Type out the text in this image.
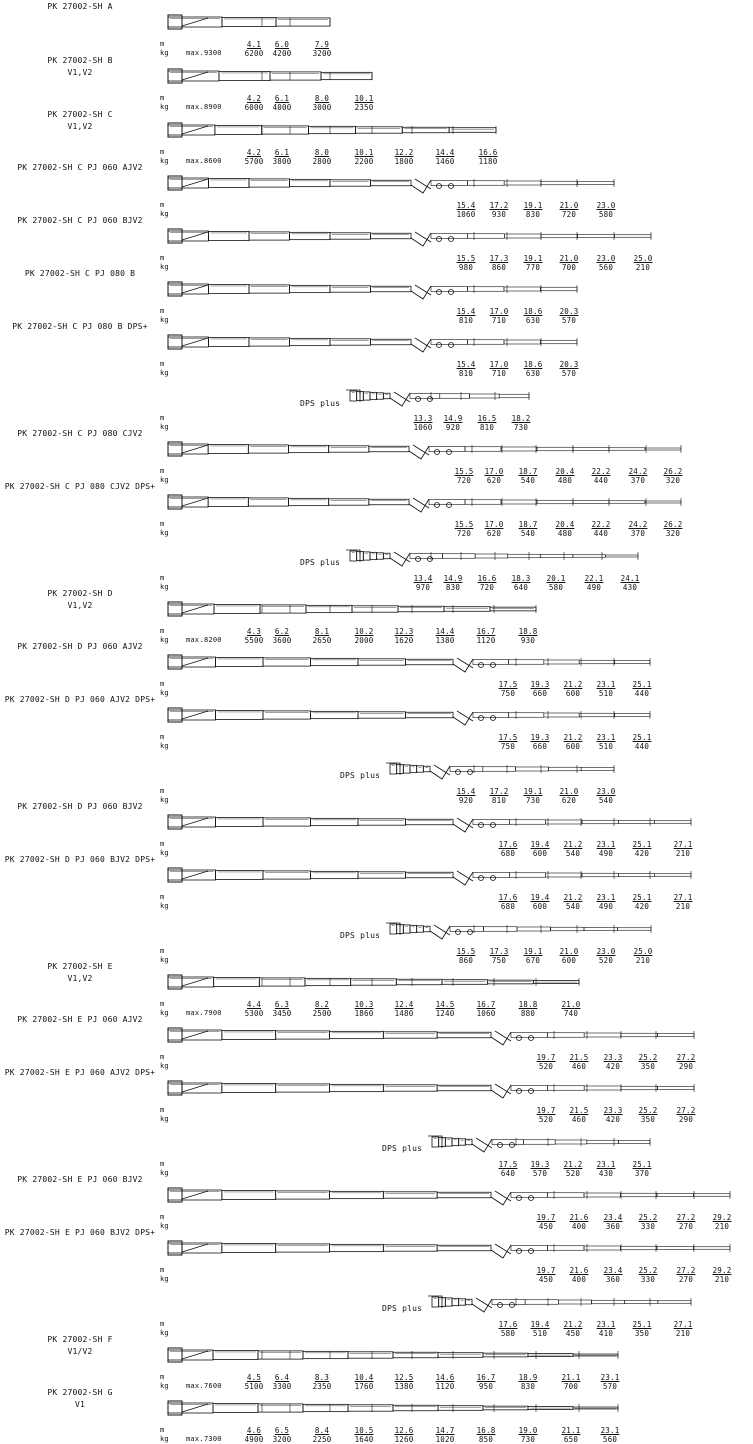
PK 27002-SH A
m
kg max. 9300
4.1
6200
6.0
4200
7.9
3200
PK 27002-SH B
V1,V2
m
kg max. 8900
4.2
6000
6.1
4000
8.0
3000
10.1
2350
PK 27002-SH C
V1,V2
m
kg max. 8600
4.2
5700
6.1
3800
8.0
2800
10.1
2200
12.2
1800
14.4
1460
16.6
1180
PK 27002-SH C PJ 060 AJV2
m
kg
15.4
1060
17.2
930
19.1
830
21.0
720
23.0
580
PK 27002-SH C PJ 060 BJV2
m
kg
15.5
980
17.3
860
19.1
770
21.0
700
23.0
560
25.0
210
PK 27002-SH C PJ 080 B
m
kg
15.4
810
17.0
710
18.6
630
20.3
570
PK 27002-SH C PJ 080 B DPS+
m
kg
15.4
810
17.0
710
18.6
630
20.3
570
DPS plus
m
kg
13.3
1060
14.9
920
16.5
810
18.2
730
PK 27002-SH C PJ 080 CJV2
m
kg
15.5
720
17.0
620
18.7
540
20.4
480
22.2
440
24.2
370
26.2
320
PK 27002-SH C PJ 080 CJV2 DPS+
m
kg
15.5
720
17.0
620
18.7
540
20.4
480
22.2
440
24.2
370
26.2
320
DPS plus
m
kg
13.4
970
14.9
830
16.6
720
18.3
640
20.1
580
22.1
490
24.1
430
PK 27002-SH D
V1,V2
m
kg max. 8200
4.3
5500
6.2
3600
8.1
2650
10.2
2000
12.3
1620
14.4
1380
16.7
1120
18.8
930
PK 27002-SH D PJ 060 AJV2
m
kg
17.5
750
19.3
660
21.2
600
23.1
510
25.1
440
PK 27002-SH D PJ 060 AJV2 DPS+
m
kg
17.5
750
19.3
660
21.2
600
23.1
510
25.1
440
DPS plus
m
kg
15.4
920
17.2
810
19.1
730
21.0
620
23.0
540
PK 27002-SH D PJ 060 BJV2
m
kg
17.6
680
19.4
600
21.2
540
23.1
490
25.1
420
27.1
210
PK 27002-SH D PJ 060 BJV2 DPS+
m
kg
17.6
680
19.4
600
21.2
540
23.1
490
25.1
420
27.1
210
DPS plus
m
kg
15.5
860
17.3
750
19.1
670
21.0
600
23.0
520
25.0
210
PK 27002-SH E
V1,V2
m
kg max. 7900
4.4
5300
6.3
3450
8.2
2500
10.3
1860
12.4
1480
14.5
1240
16.7
1060
18.8
880
21.0
740
PK 27002-SH E PJ 060 AJV2
m
kg
19.7
520
21.5
460
23.3
420
25.2
350
27.2
290
PK 27002-SH E PJ 060 AJV2 DPS+
m
kg
19.7
520
21.5
460
23.3
420
25.2
350
27.2
290
DPS plus
m
kg
17.5
640
19.3
570
21.2
520
23.1
430
25.1
370
PK 27002-SH E PJ 060 BJV2
m
kg
19.7
450
21.6
400
23.4
360
25.2
330
27.2
270
29.2
210
PK 27002-SH E PJ 060 BJV2 DPS+
m
kg
19.7
450
21.6
400
23.4
360
25.2
330
27.2
270
29.2
210
DPS plus
m
kg
17.6
580
19.4
510
21.2
450
23.1
410
25.1
350
27.1
210
PK 27002-SH F
V1/V2
m
kg max. 7600
4.5
5100
6.4
3300
8.3
2350
10.4
1760
12.5
1380
14.6
1120
16.7
950
18.9
830
21.1
700
23.1
570
PK 27002-SH G
V1
m
kg max. 7300
4.6
4900
6.5
3200
8.4
2250
10.5
1640
12.6
1260
14.7
1020
16.8
850
19.0
730
21.1
650
23.1
560
